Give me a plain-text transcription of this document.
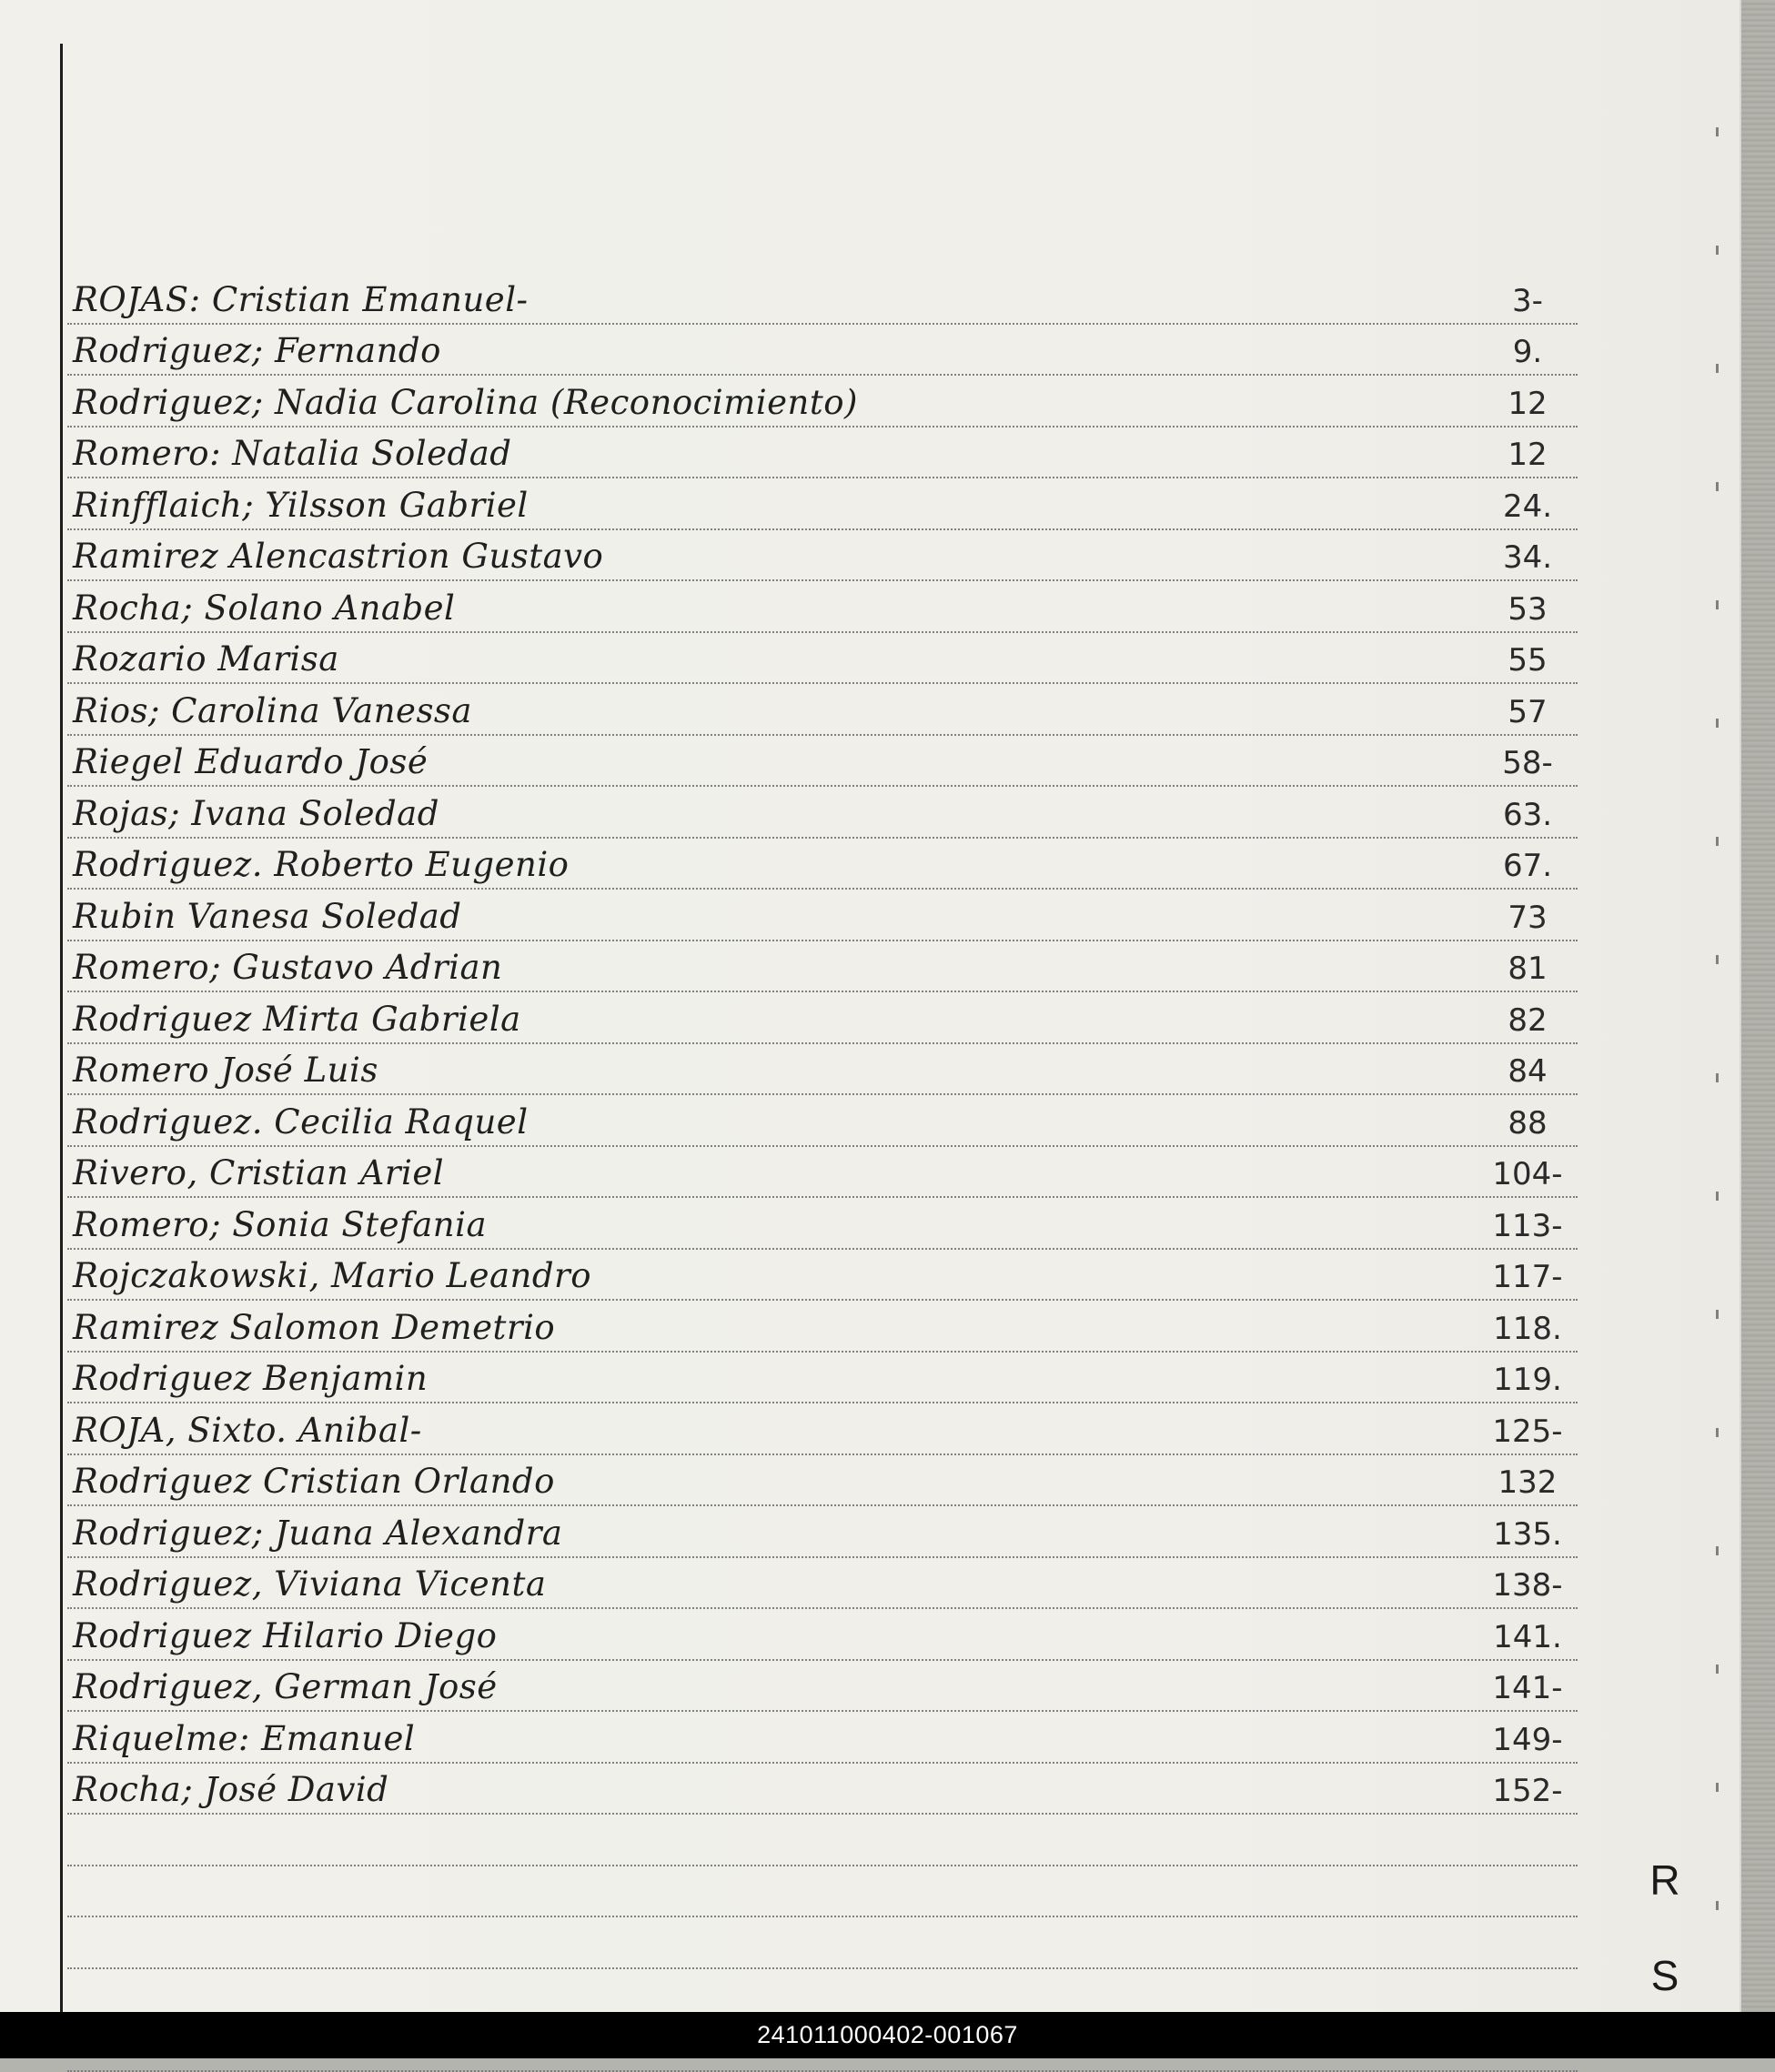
ROJAS: Cristian Emanuel-	3-
Rodriguez; Fernando	9.
Rodriguez; Nadia Carolina (Reconocimiento)	12
Romero: Natalia Soledad	12
Rinfflaich; Yilsson Gabriel	24.
Ramirez Alencastrion Gustavo	34.
Rocha; Solano Anabel	53
Rozario Marisa	55
Rios; Carolina Vanessa	57
Riegel Eduardo José	58-
Rojas; Ivana Soledad	63.
Rodriguez. Roberto Eugenio	67.
Rubin Vanesa Soledad	73
Romero; Gustavo Adrian	81
Rodriguez Mirta Gabriela	82
Romero José Luis	84
Rodriguez. Cecilia Raquel	88
Rivero, Cristian Ariel	104-
Romero; Sonia Stefania	113-
Rojczakowski, Mario Leandro	117-
Ramirez Salomon Demetrio	118.
Rodriguez Benjamin	119.
ROJA, Sixto. Anibal-	125-
Rodriguez Cristian Orlando	132
Rodriguez; Juana Alexandra	135.
Rodriguez, Viviana Vicenta	138-
Rodriguez Hilario Diego	141.
Rodriguez, German José	141-
Riquelme: Emanuel	149-
Rocha; José David	152-
R
S
241011000402-001067
